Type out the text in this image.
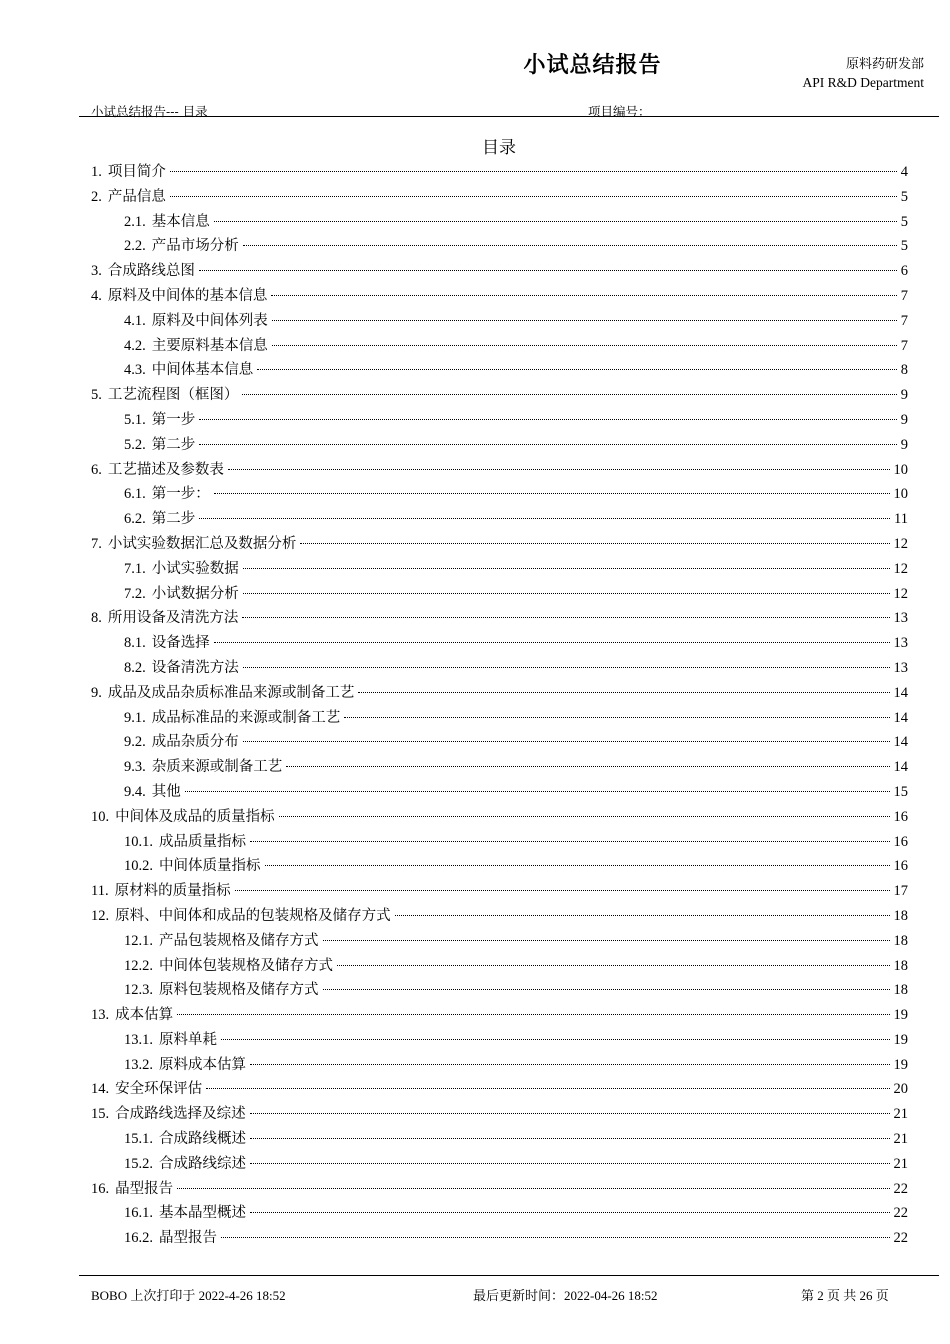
小试总结报告	原料药研发部
API R&D Department
小试总结报告--- 目录	项目编号：
目录
1. 项目简介	4
2. 产品信息	5
2.1. 基本信息	5
2.2. 产品市场分析	5
3. 合成路线总图	6
4. 原料及中间体的基本信息	7
4.1. 原料及中间体列表	7
4.2. 主要原料基本信息	7
4.3. 中间体基本信息	8
5. 工艺流程图（框图）	9
5.1. 第一步	9
5.2. 第二步	9
6. 工艺描述及参数表	10
6.1. 第一步：	10
6.2. 第二步	11
7. 小试实验数据汇总及数据分析	12
7.1. 小试实验数据	12
7.2. 小试数据分析	12
8. 所用设备及清洗方法	13
8.1. 设备选择	13
8.2. 设备清洗方法	13
9. 成品及成品杂质标准品来源或制备工艺	14
9.1. 成品标准品的来源或制备工艺	14
9.2. 成品杂质分布	14
9.3. 杂质来源或制备工艺	14
9.4. 其他	15
10. 中间体及成品的质量指标	16
10.1. 成品质量指标	16
10.2. 中间体质量指标	16
11. 原材料的质量指标	17
12. 原料、中间体和成品的包装规格及储存方式	18
12.1. 产品包装规格及储存方式	18
12.2. 中间体包装规格及储存方式	18
12.3. 原料包装规格及储存方式	18
13. 成本估算	19
13.1. 原料单耗	19
13.2. 原料成本估算	19
14. 安全环保评估	20
15. 合成路线选择及综述	21
15.1. 合成路线概述	21
15.2. 合成路线综述	21
16. 晶型报告	22
16.1. 基本晶型概述	22
16.2. 晶型报告	22
BOBO 上次打印于 2022-4-26 18:52	最后更新时间：2022-04-26 18:52	第 2 页 共 26 页
